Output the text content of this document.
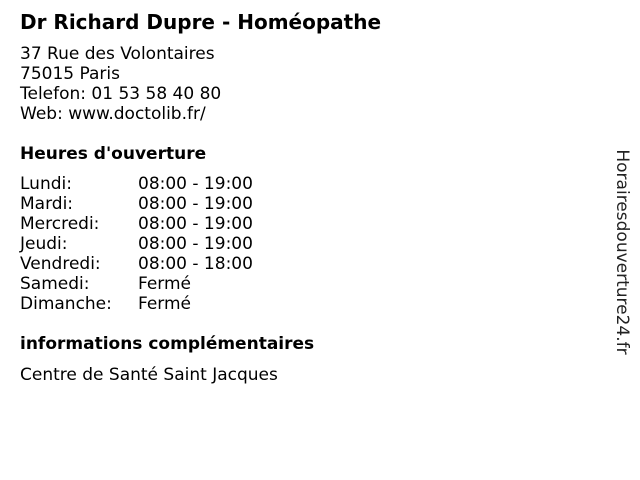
Dr Richard Dupre - Homéopathe
37 Rue des Volontaires
75015 Paris
Telefon: 01 53 58 40 80
Web: www.doctolib.fr/
Heures d'ouverture
Lundi:	08:00 - 19:00
Mardi:	08:00 - 19:00
Mercredi: 08:00 - 19:00
Jeudi:	08:00 - 19:00
Vendredi: 08:00 - 18:00
Samedi:	Fermé
Dimanche: Fermé
informations complémentaires
Centre de Santé Saint Jacques
Horairesdouverture24.fr
